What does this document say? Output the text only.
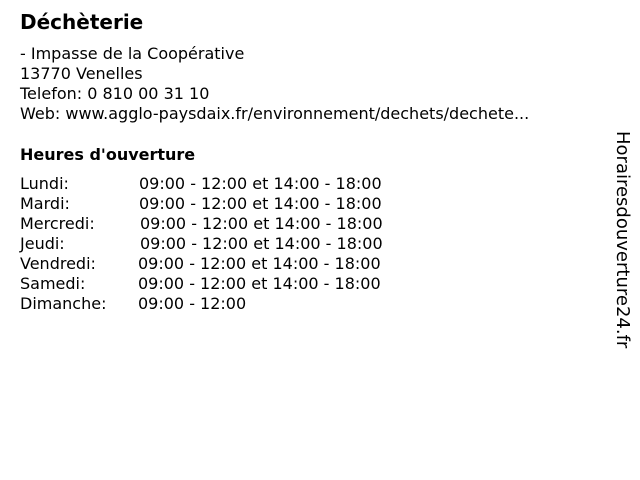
Déchèterie
- Impasse de la Coopérative
13770 Venelles
Telefon: 0 810 00 31 10
Web: www.agglo-paysdaix.fr/environnement/dechets/dechete...
Heures d'ouverture
Lundi:	09:00 - 12:00 et 14:00 - 18:00
Mardi:	09:00 - 12:00 et 14:00 - 18:00
Mercredi:	09:00 - 12:00 et 14:00 - 18:00
Jeudi:	09:00 - 12:00 et 14:00 - 18:00
Vendredi:	09:00 - 12:00 et 14:00 - 18:00
Samedi:	09:00 - 12:00 et 14:00 - 18:00
Dimanche: 09:00 - 12:00	Horairesdouverture24.fr
